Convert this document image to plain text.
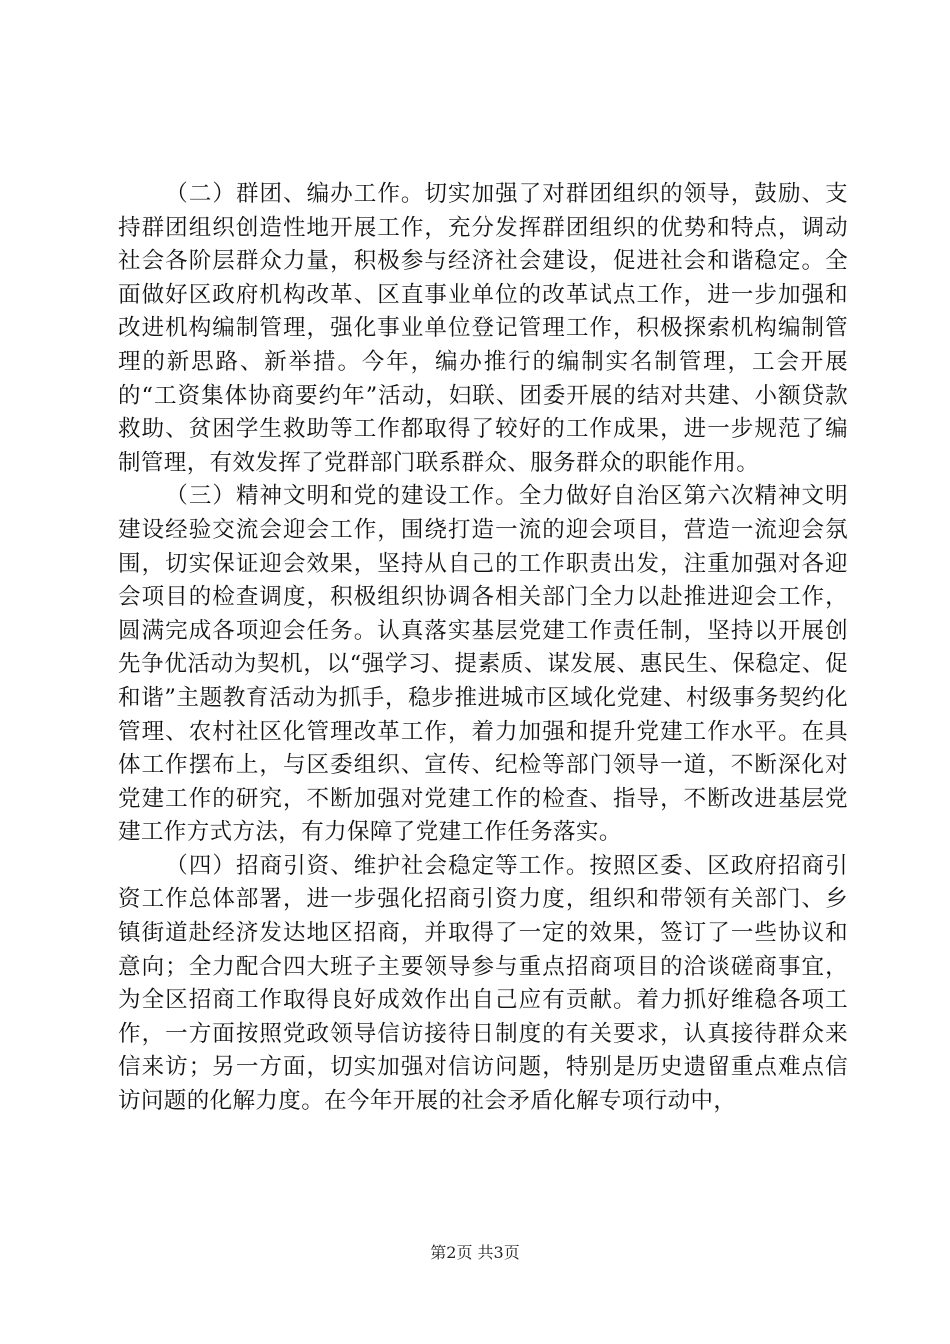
（二）群团、编办工作。切实加强了对群团组织的领导，鼓励、支持群团组织创造性地开展工作，充分发挥群团组织的优势和特点，调动社会各阶层群众力量，积极参与经济社会建设，促进社会和谐稳定。全面做好区政府机构改革、区直事业单位的改革试点工作，进一步加强和改进机构编制管理，强化事业单位登记管理工作，积极探索机构编制管理的新思路、新举措。今年，编办推行的编制实名制管理，工会开展的“工资集体协商要约年”活动，妇联、团委开展的结对共建、小额贷款救助、贫困学生救助等工作都取得了较好的工作成果，进一步规范了编制管理，有效发挥了党群部门联系群众、服务群众的职能作用。

（三）精神文明和党的建设工作。全力做好自治区第六次精神文明建设经验交流会迎会工作，围绕打造一流的迎会项目，营造一流迎会氛围，切实保证迎会效果，坚持从自己的工作职责出发，注重加强对各迎会项目的检查调度，积极组织协调各相关部门全力以赴推进迎会工作，圆满完成各项迎会任务。认真落实基层党建工作责任制，坚持以开展创先争优活动为契机，以“强学习、提素质、谋发展、惠民生、保稳定、促和谐”主题教育活动为抓手，稳步推进城市区域化党建、村级事务契约化管理、农村社区化管理改革工作，着力加强和提升党建工作水平。在具体工作摆布上，与区委组织、宣传、纪检等部门领导一道，不断深化对党建工作的研究，不断加强对党建工作的检查、指导，不断改进基层党建工作方式方法，有力保障了党建工作任务落实。

（四）招商引资、维护社会稳定等工作。按照区委、区政府招商引资工作总体部署，进一步强化招商引资力度，组织和带领有关部门、乡镇街道赴经济发达地区招商，并取得了一定的效果，签订了一些协议和意向；全力配合四大班子主要领导参与重点招商项目的洽谈磋商事宜，为全区招商工作取得良好成效作出自己应有贡献。着力抓好维稳各项工作，一方面按照党政领导信访接待日制度的有关要求，认真接待群众来信来访；另一方面，切实加强对信访问题，特别是历史遗留重点难点信访问题的化解力度。在今年开展的社会矛盾化解专项行动中，

第2页 共3页
